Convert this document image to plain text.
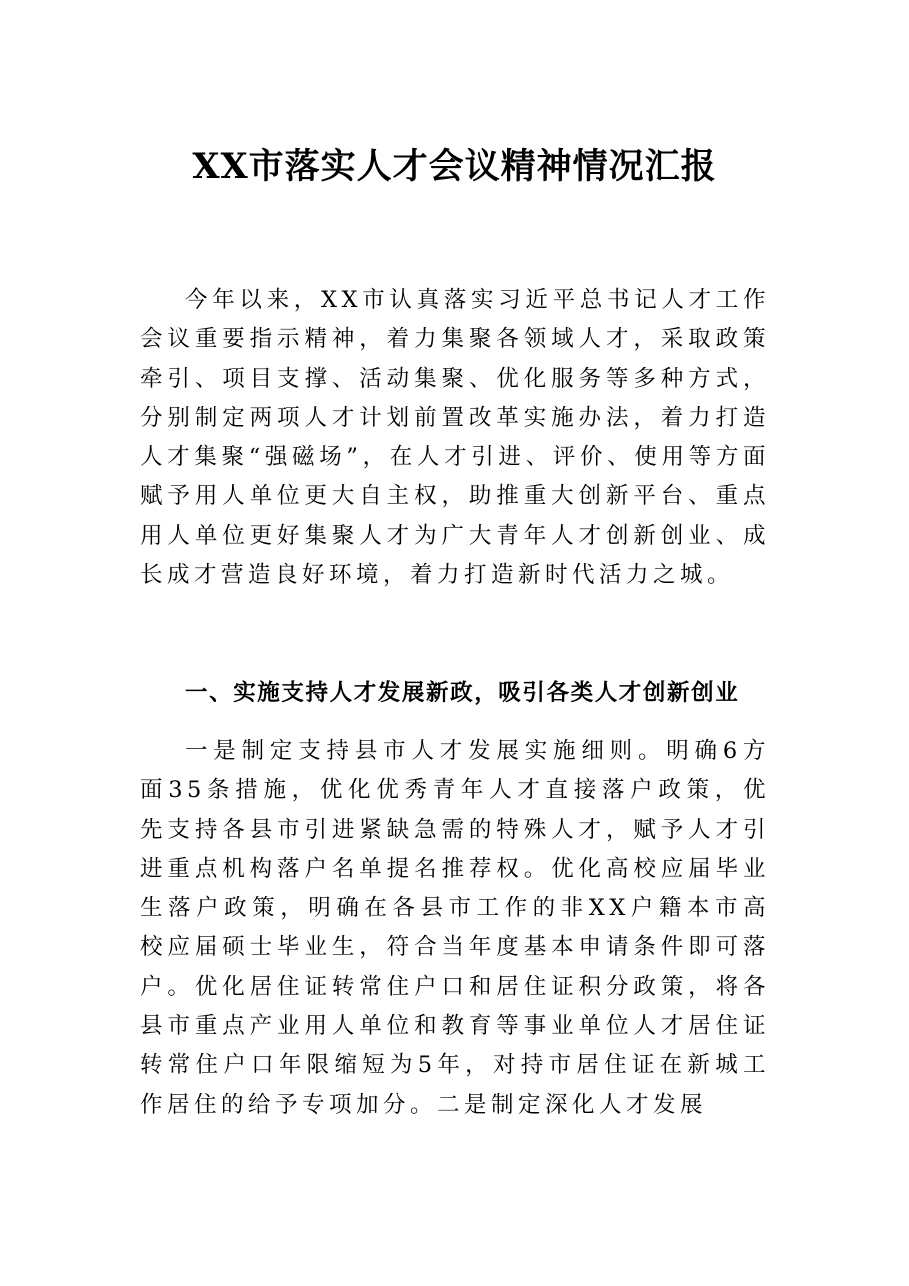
XX市落实人才会议精神情况汇报

今年以来，XX市认真落实习近平总书记人才工作会议重要指示精神，着力集聚各领域人才，采取政策牵引、项目支撑、活动集聚、优化服务等多种方式，分别制定两项人才计划前置改革实施办法，着力打造人才集聚“强磁场”，在人才引进、评价、使用等方面赋予用人单位更大自主权，助推重大创新平台、重点用人单位更好集聚人才为广大青年人才创新创业、成长成才营造良好环境，着力打造新时代活力之城。

一、实施支持人才发展新政，吸引各类人才创新创业

一是制定支持县市人才发展实施细则。明确6方面35条措施，优化优秀青年人才直接落户政策，优先支持各县市引进紧缺急需的特殊人才，赋予人才引进重点机构落户名单提名推荐权。优化高校应届毕业生落户政策，明确在各县市工作的非XX户籍本市高校应届硕士毕业生，符合当年度基本申请条件即可落户。优化居住证转常住户口和居住证积分政策，将各县市重点产业用人单位和教育等事业单位人才居住证转常住户口年限缩短为5年，对持市居住证在新城工作居住的给予专项加分。二是制定深化人才发展
